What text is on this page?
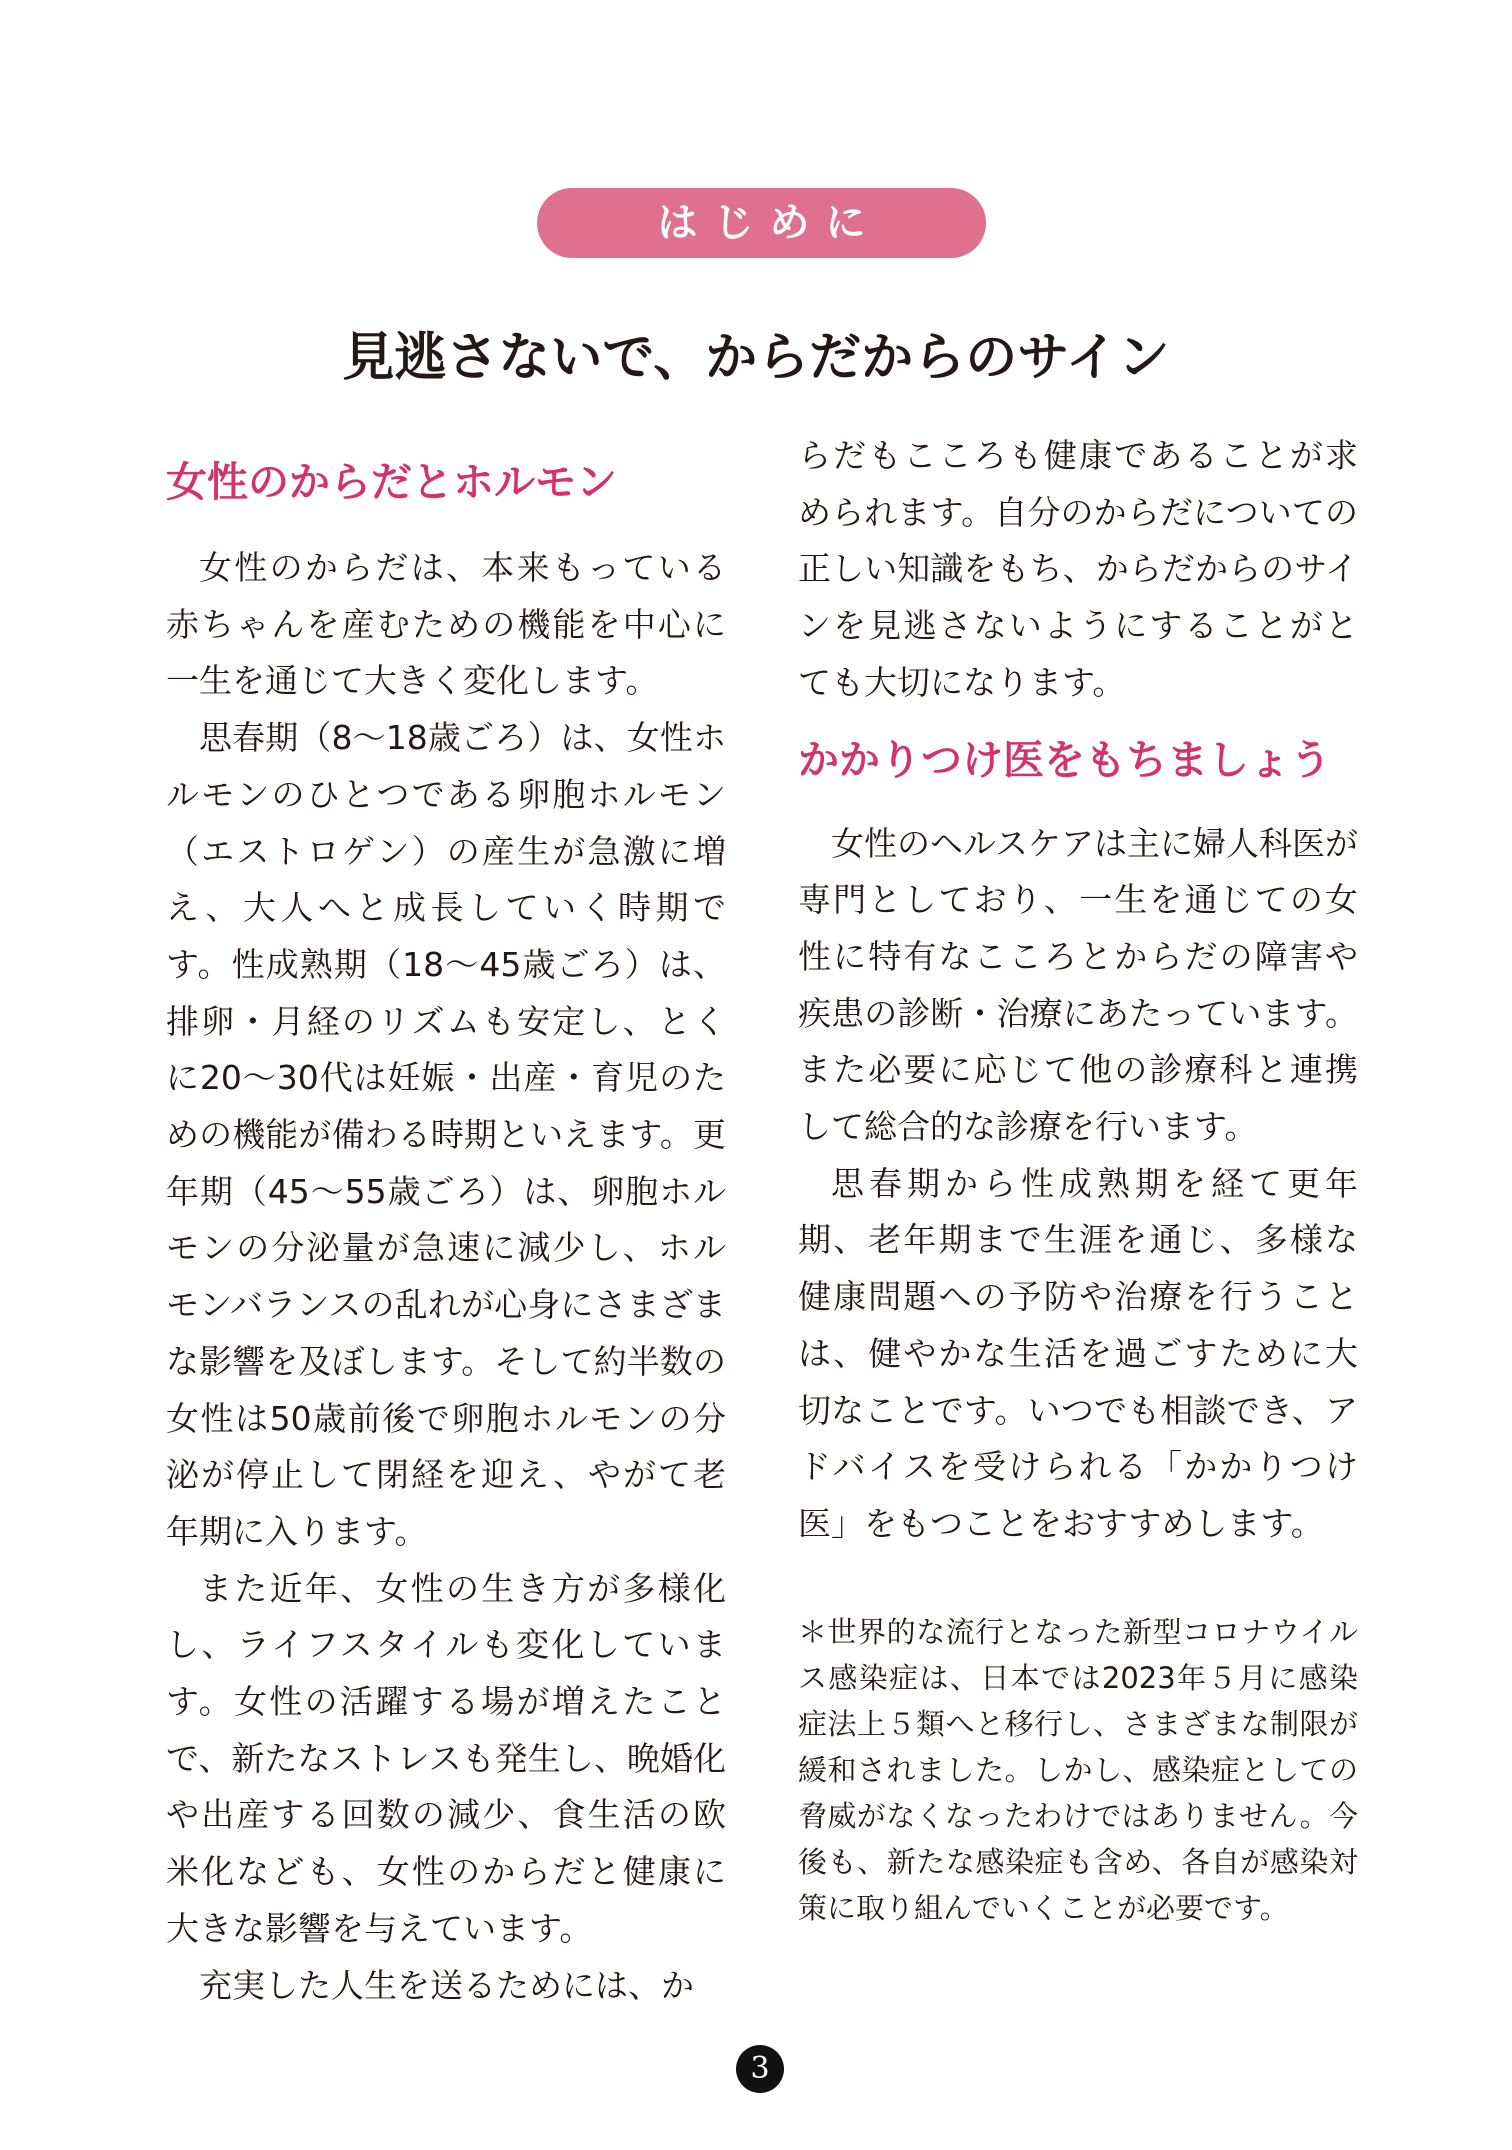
はじめに
見逃さないで、からだからのサイン
女性のからだとホルモン

女性のからだは、本来もっている赤ちゃんを産むための機能を中心に一生を通じて大きく変化します。

思春期（8〜18歳ごろ）は、女性ホルモンのひとつである卵胞ホルモン（エストロゲン）の産生が急激に増え、大人へと成長していく時期です。性成熟期（18〜45歳ごろ）は、排卵・月経のリズムも安定し、とくに20〜30代は妊娠・出産・育児のための機能が備わる時期といえます。更年期（45〜55歳ごろ）は、卵胞ホルモンの分泌量が急速に減少し、ホルモンバランスの乱れが心身にさまざまな影響を及ぼします。そして約半数の女性は50歳前後で卵胞ホルモンの分泌が停止して閉経を迎え、やがて老年期に入ります。

また近年、女性の生き方が多様化し、ライフスタイルも変化しています。女性の活躍する場が増えたことで、新たなストレスも発生し、晩婚化や出産する回数の減少、食生活の欧米化なども、女性のからだと健康に大きな影響を与えています。

充実した人生を送るためには、か

らだもこころも健康であることが求められます。自分のからだについての正しい知識をもち、からだからのサインを見逃さないようにすることがとても大切になります。

かかりつけ医をもちましょう

女性のヘルスケアは主に婦人科医が専門としており、一生を通じての女性に特有なこころとからだの障害や疾患の診断・治療にあたっています。また必要に応じて他の診療科と連携して総合的な診療を行います。

思春期から性成熟期を経て更年期、老年期まで生涯を通じ、多様な健康問題への予防や治療を行うことは、健やかな生活を過ごすために大切なことです。いつでも相談でき、アドバイスを受けられる「かかりつけ医」をもつことをおすすめします。

＊世界的な流行となった新型コロナウイルス感染症は、日本では2023年５月に感染症法上５類へと移行し、さまざまな制限が緩和されました。しかし、感染症としての脅威がなくなったわけではありません。今後も、新たな感染症も含め、各自が感染対策に取り組んでいくことが必要です。

3
